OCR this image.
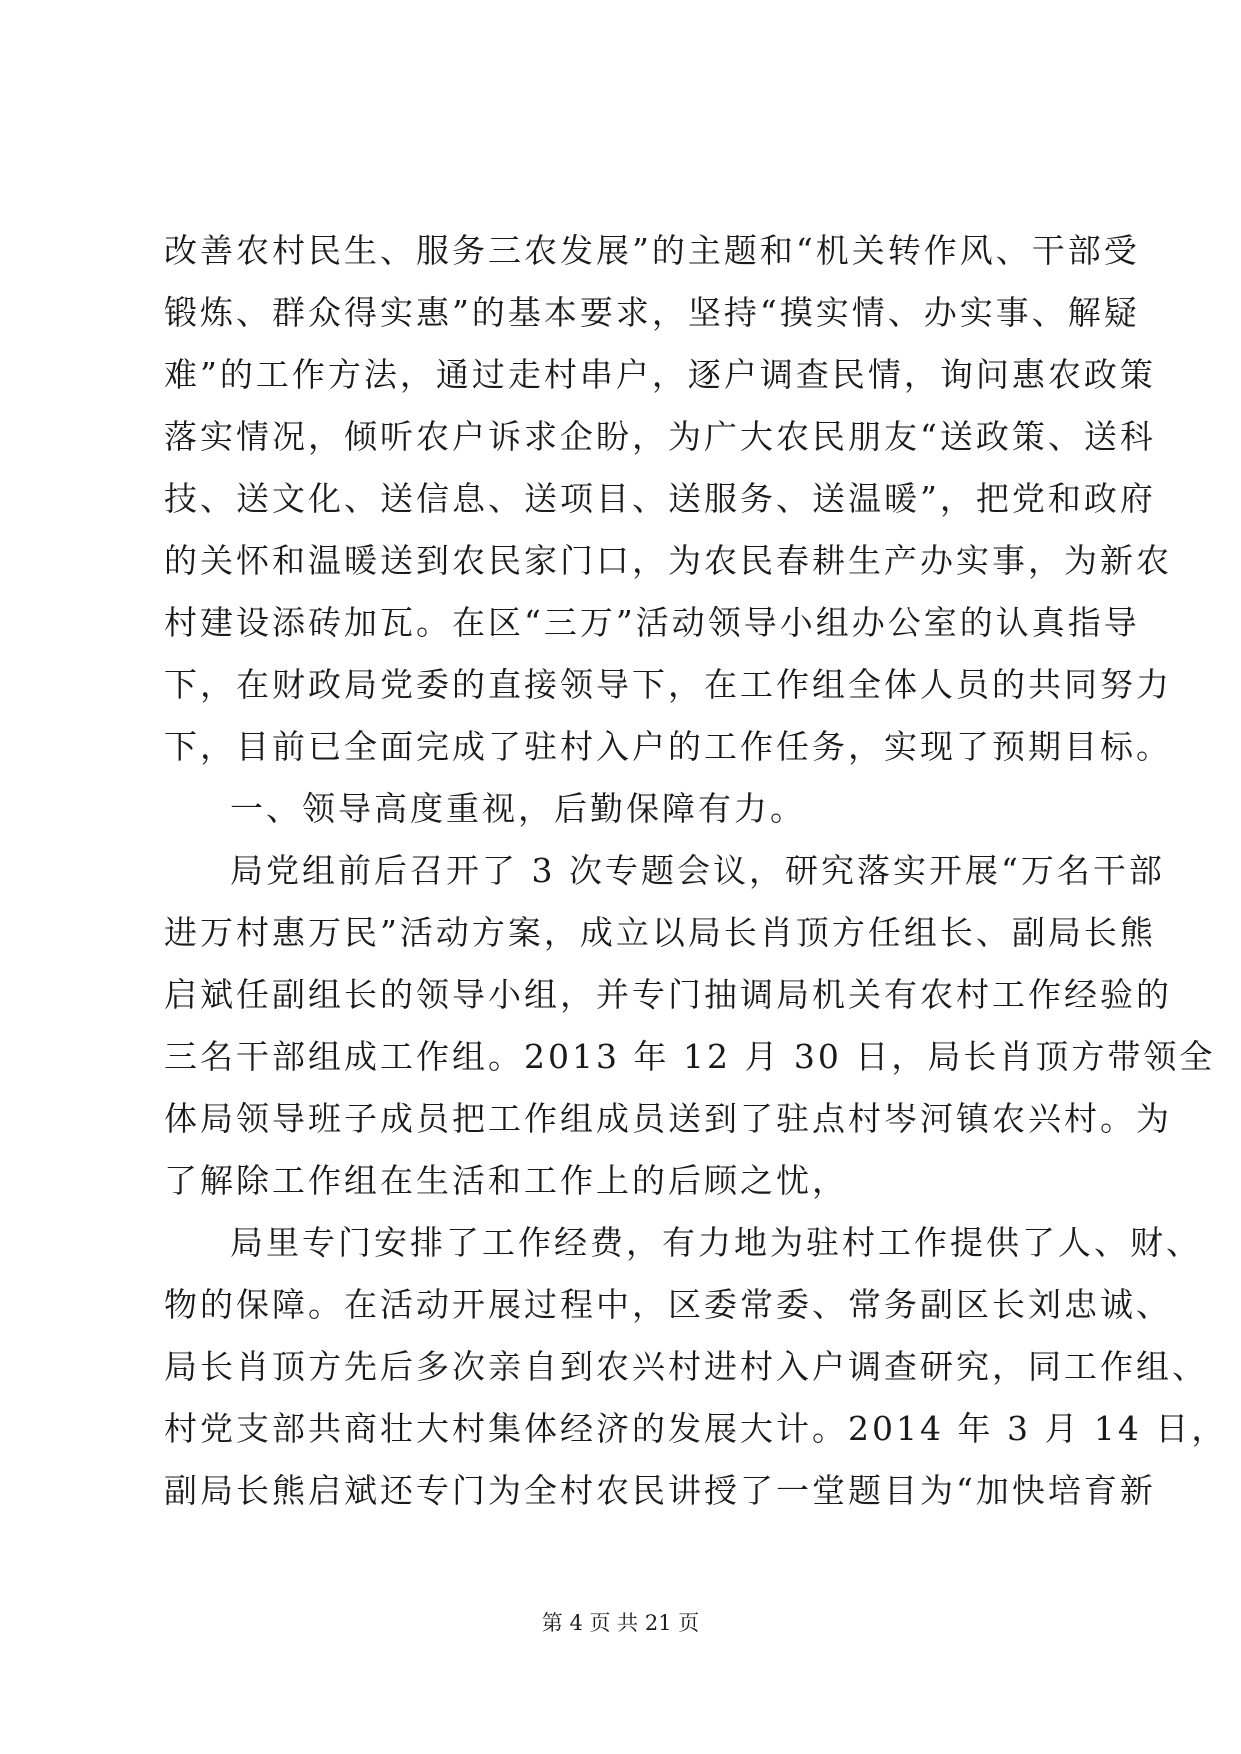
改善农村民生、服务三农发展”的主题和“机关转作风、干部受
锻炼、群众得实惠”的基本要求，坚持“摸实情、办实事、解疑
难”的工作方法，通过走村串户，逐户调查民情，询问惠农政策
落实情况，倾听农户诉求企盼，为广大农民朋友“送政策、送科
技、送文化、送信息、送项目、送服务、送温暖”，把党和政府
的关怀和温暖送到农民家门口，为农民春耕生产办实事，为新农
村建设添砖加瓦。在区“三万”活动领导小组办公室的认真指导
下，在财政局党委的直接领导下，在工作组全体人员的共同努力
下，目前已全面完成了驻村入户的工作任务，实现了预期目标。
一、领导高度重视，后勤保障有力。
局党组前后召开了 3 次专题会议，研究落实开展“万名干部
进万村惠万民”活动方案，成立以局长肖顶方任组长、副局长熊
启斌任副组长的领导小组，并专门抽调局机关有农村工作经验的
三名干部组成工作组。2013 年 12 月 30 日，局长肖顶方带领全
体局领导班子成员把工作组成员送到了驻点村岑河镇农兴村。为
了解除工作组在生活和工作上的后顾之忧，
局里专门安排了工作经费，有力地为驻村工作提供了人、财、
物的保障。在活动开展过程中，区委常委、常务副区长刘忠诚、
局长肖顶方先后多次亲自到农兴村进村入户调查研究，同工作组、
村党支部共商壮大村集体经济的发展大计。2014 年 3 月 14 日，
副局长熊启斌还专门为全村农民讲授了一堂题目为“加快培育新
第 4 页 共 21 页
